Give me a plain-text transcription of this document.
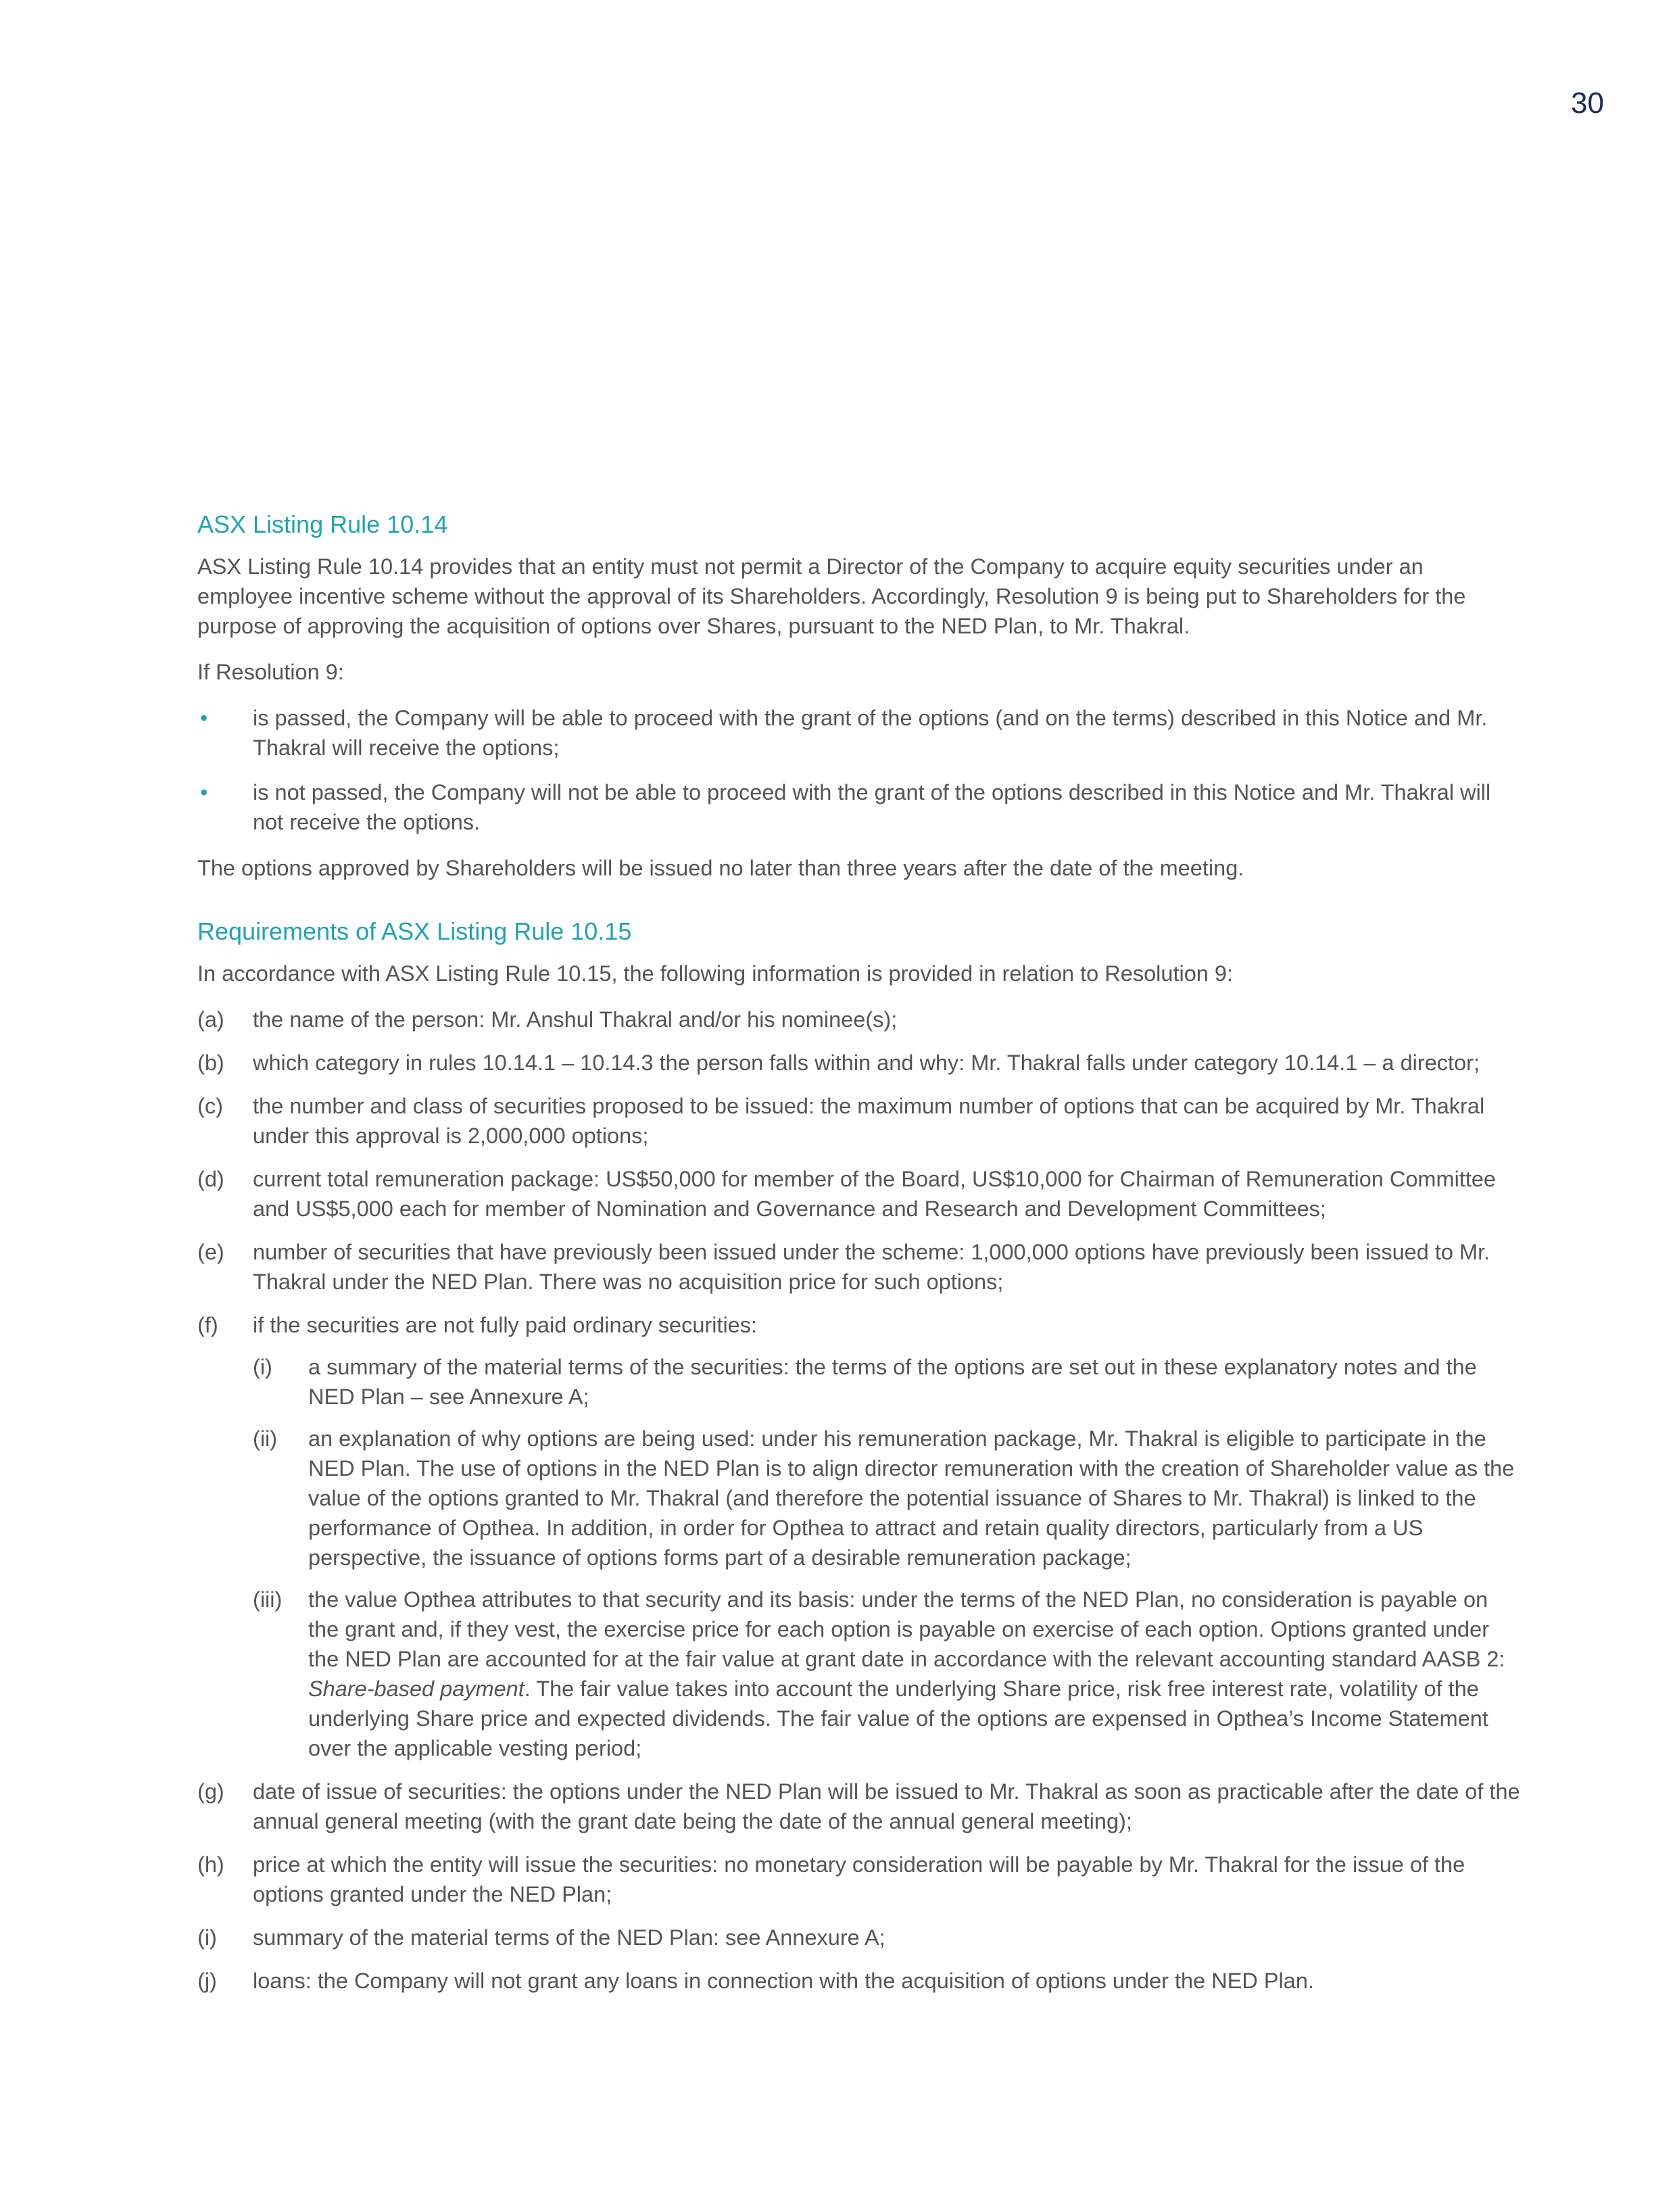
30
ASX Listing Rule 10.14

ASX Listing Rule 10.14 provides that an entity must not permit a Director of the Company to acquire equity securities under an employee incentive scheme without the approval of its Shareholders. Accordingly, Resolution 9 is being put to Shareholders for the purpose of approving the acquisition of options over Shares, pursuant to the NED Plan, to Mr. Thakral.

If Resolution 9:

• is passed, the Company will be able to proceed with the grant of the options (and on the terms) described in this Notice and Mr. Thakral will receive the options;
• is not passed, the Company will not be able to proceed with the grant of the options described in this Notice and Mr. Thakral will not receive the options.

The options approved by Shareholders will be issued no later than three years after the date of the meeting.

Requirements of ASX Listing Rule 10.15

In accordance with ASX Listing Rule 10.15, the following information is provided in relation to Resolution 9:

(a) the name of the person: Mr. Anshul Thakral and/or his nominee(s);
(b) which category in rules 10.14.1 – 10.14.3 the person falls within and why: Mr. Thakral falls under category 10.14.1 – a director;
(c) the number and class of securities proposed to be issued: the maximum number of options that can be acquired by Mr. Thakral under this approval is 2,000,000 options;
(d) current total remuneration package: US$50,000 for member of the Board, US$10,000 for Chairman of Remuneration Committee and US$5,000 each for member of Nomination and Governance and Research and Development Committees;
(e) number of securities that have previously been issued under the scheme: 1,000,000 options have previously been issued to Mr. Thakral under the NED Plan. There was no acquisition price for such options;
(f) if the securities are not fully paid ordinary securities:
(i) a summary of the material terms of the securities: the terms of the options are set out in these explanatory notes and the NED Plan – see Annexure A;
(ii) an explanation of why options are being used: under his remuneration package, Mr. Thakral is eligible to participate in the NED Plan. The use of options in the NED Plan is to align director remuneration with the creation of Shareholder value as the value of the options granted to Mr. Thakral (and therefore the potential issuance of Shares to Mr. Thakral) is linked to the performance of Opthea. In addition, in order for Opthea to attract and retain quality directors, particularly from a US perspective, the issuance of options forms part of a desirable remuneration package;
(iii) the value Opthea attributes to that security and its basis: under the terms of the NED Plan, no consideration is payable on the grant and, if they vest, the exercise price for each option is payable on exercise of each option. Options granted under the NED Plan are accounted for at the fair value at grant date in accordance with the relevant accounting standard AASB 2: Share-based payment. The fair value takes into account the underlying Share price, risk free interest rate, volatility of the underlying Share price and expected dividends. The fair value of the options are expensed in Opthea’s Income Statement over the applicable vesting period;
(g) date of issue of securities: the options under the NED Plan will be issued to Mr. Thakral as soon as practicable after the date of the annual general meeting (with the grant date being the date of the annual general meeting);
(h) price at which the entity will issue the securities: no monetary consideration will be payable by Mr. Thakral for the issue of the options granted under the NED Plan;
(i) summary of the material terms of the NED Plan: see Annexure A;
(j) loans: the Company will not grant any loans in connection with the acquisition of options under the NED Plan.
